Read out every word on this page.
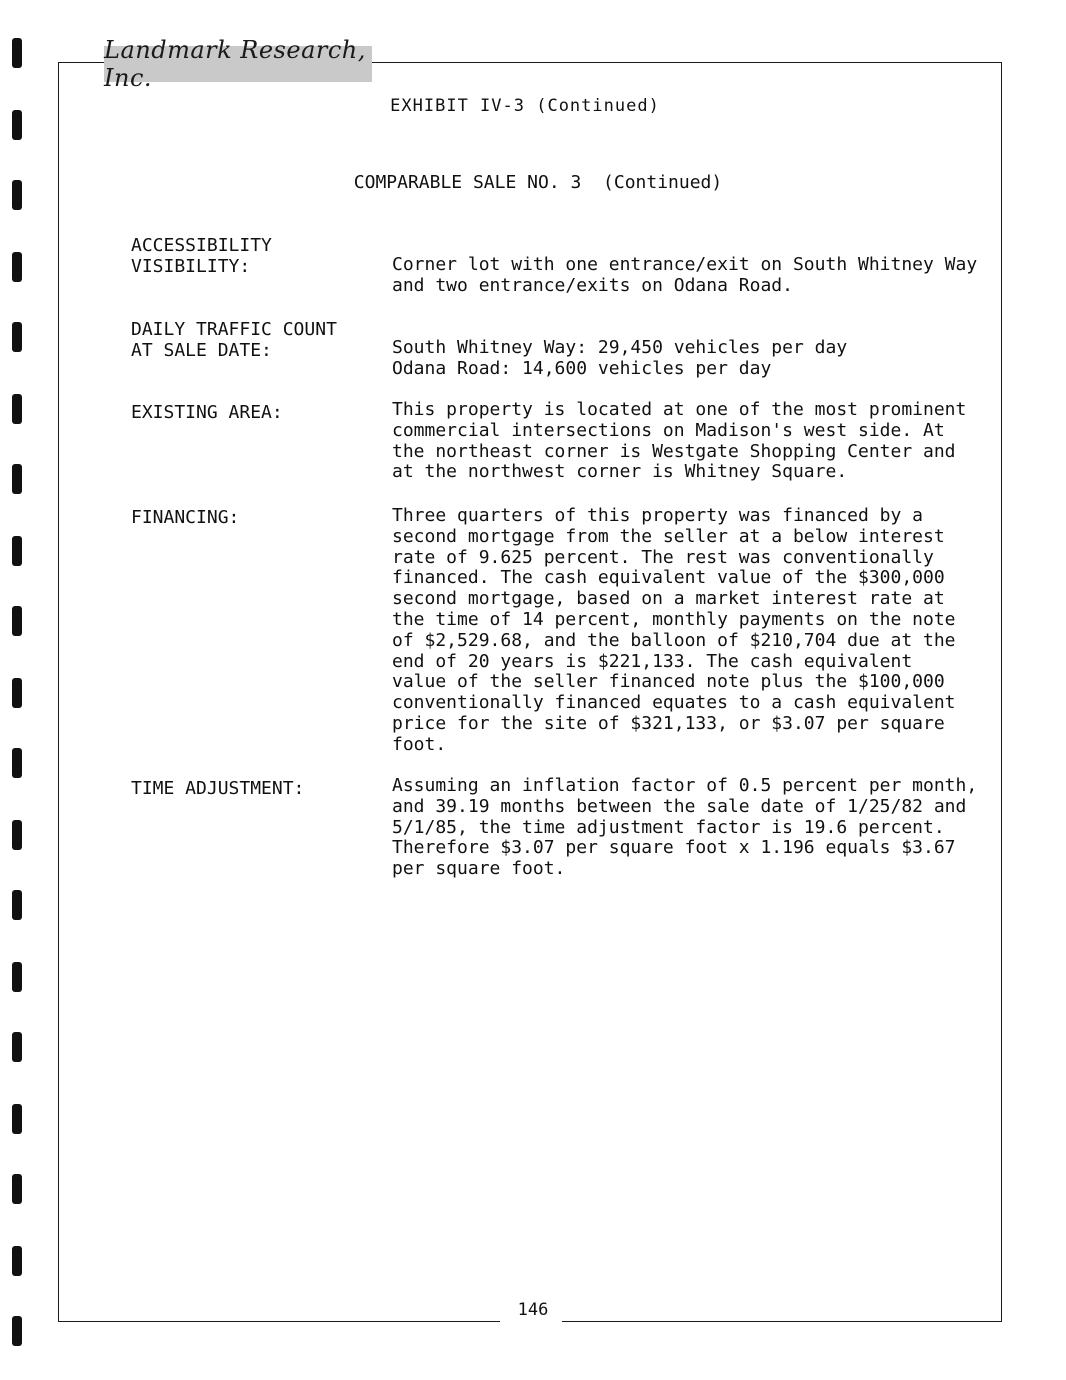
Landmark Research, Inc.
EXHIBIT IV-3 (Continued)
COMPARABLE SALE NO. 3  (Continued)
ACCESSIBILITY
VISIBILITY:	Corner lot with one entrance/exit on South Whitney Way
and two entrance/exits on Odana Road.
DAILY TRAFFIC COUNT
AT SALE DATE:	South Whitney Way: 29,450 vehicles per day
Odana Road: 14,600 vehicles per day
EXISTING AREA:	This property is located at one of the most prominent
commercial intersections on Madison's west side. At
the northeast corner is Westgate Shopping Center and
at the northwest corner is Whitney Square.
FINANCING:	Three quarters of this property was financed by a
second mortgage from the seller at a below interest
rate of 9.625 percent. The rest was conventionally
financed. The cash equivalent value of the $300,000
second mortgage, based on a market interest rate at
the time of 14 percent, monthly payments on the note
of $2,529.68, and the balloon of $210,704 due at the
end of 20 years is $221,133. The cash equivalent
value of the seller financed note plus the $100,000
conventionally financed equates to a cash equivalent
price for the site of $321,133, or $3.07 per square
foot.
TIME ADJUSTMENT:	Assuming an inflation factor of 0.5 percent per month,
and 39.19 months between the sale date of 1/25/82 and
5/1/85, the time adjustment factor is 19.6 percent.
Therefore $3.07 per square foot x 1.196 equals $3.67
per square foot.
146
